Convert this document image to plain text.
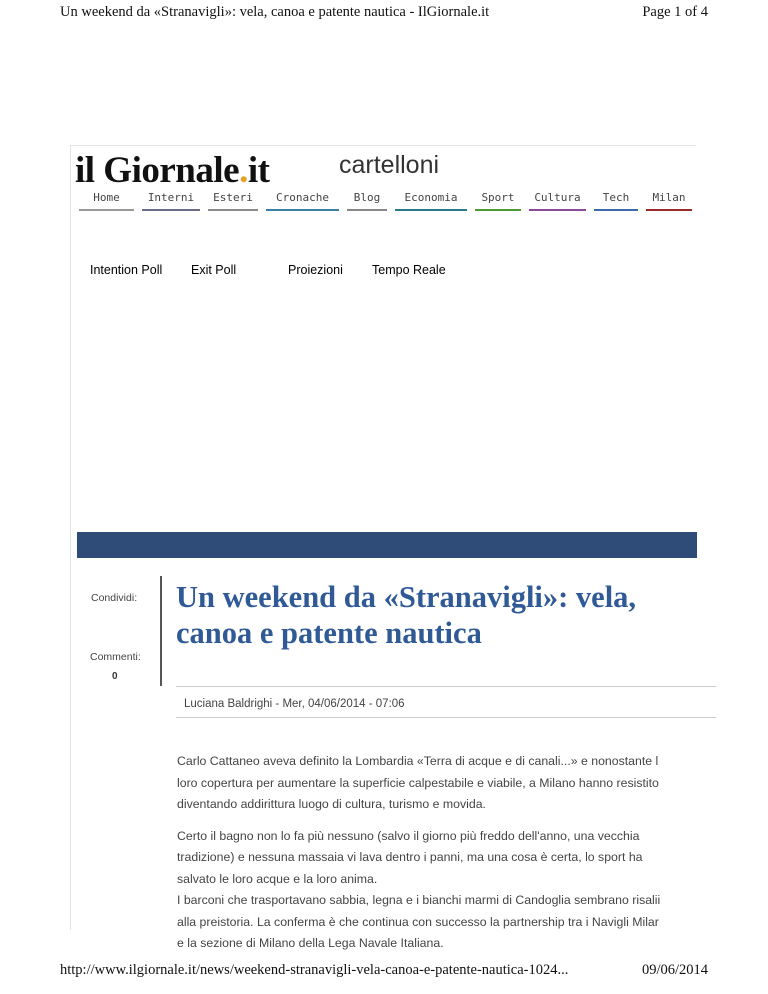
Un weekend da «Stranavigli»: vela, canoa e patente nautica - IlGiornale.it	Page 1 of 4
il Giornale . it	cartelloni
Home	Interni	Esteri	Cronache	Blog	Economia	Sport	Cultura	Tech	Milan
Intention Poll Exit Poll	Proiezioni Tempo Reale
Condividi:
Commenti:
0
Un weekend da «Stranavigli»: vela, canoa e patente nautica
Luciana Baldrighi - Mer, 04/06/2014 - 07:06

Carlo Cattaneo aveva definito la Lombardia «Terra di acque e di canali...» e nonostante l
loro copertura per aumentare la superficie calpestabile e viabile, a Milano hanno resistito
diventando addirittura luogo di cultura, turismo e movida.

Certo il bagno non lo fa più nessuno (salvo il giorno più freddo dell'anno, una vecchia
tradizione) e nessuna massaia vi lava dentro i panni, ma una cosa è certa, lo sport ha
salvato le loro acque e la loro anima.
I barconi che trasportavano sabbia, legna e i bianchi marmi di Candoglia sembrano risalii
alla preistoria. La conferma è che continua con successo la partnership tra i Navigli Milar
e la sezione di Milano della Lega Navale Italiana.

http://www.ilgiornale.it/news/weekend-stranavigli-vela-canoa-e-patente-nautica-1024...	09/06/2014
